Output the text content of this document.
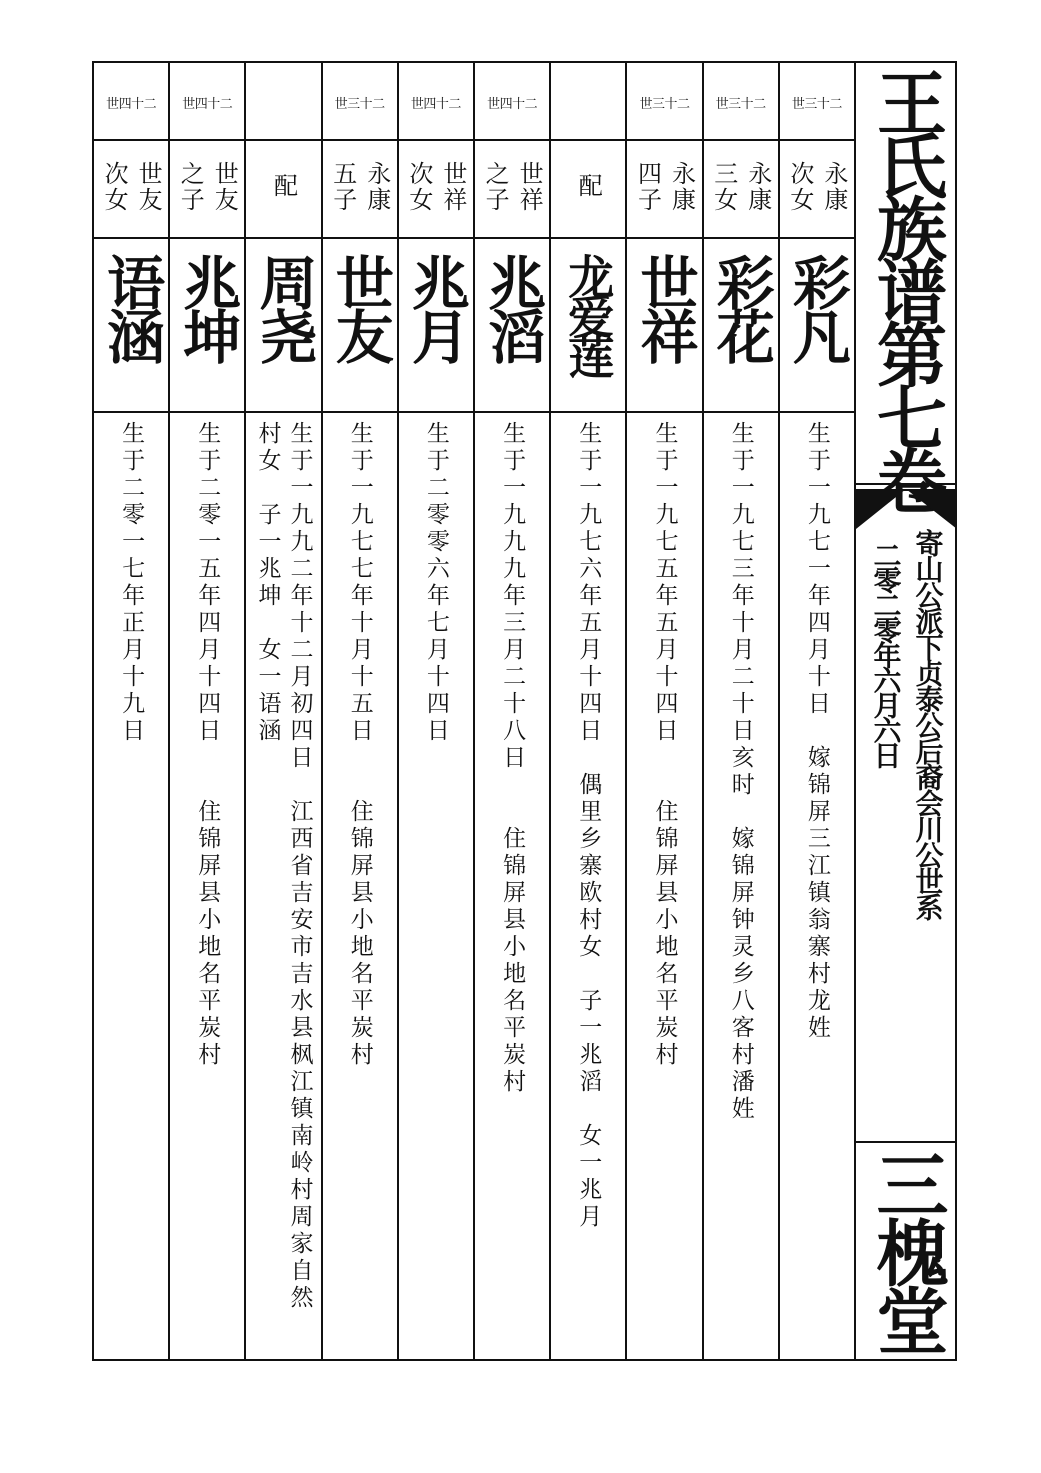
世三十二
永康
次女
彩凡
生于一九七一年四月十日　嫁锦屏三江镇翁寨村龙姓
世三十二
永康
三女
彩花
生于一九七三年十月二十日亥时　嫁锦屏钟灵乡八客村潘姓
世三十二
永康
四子
世祥
生于一九七五年五月十四日　　住锦屏县小地名平炭村
配
龙爱莲
生于一九七六年五月十四日　偶里乡寨欧村女　子一兆滔　女一兆月
世四十二
世祥
之子
兆滔
生于一九九九年三月二十八日　　住锦屏县小地名平炭村
世四十二
世祥
次女
兆月
生于二零零六年七月十四日
世三十二
永康
五子
世友
生于一九七七年十月十五日　　住锦屏县小地名平炭村
配
周尧
生于一九九二年十二月初四日　江西省吉安市吉水县枫江镇南岭村周家自然
村女　子一兆坤　女一语涵
世四十二
世友
之子
兆坤
生于二零一五年四月十四日　　住锦屏县小地名平炭村
世四十二
世友
次女
语涵
生于二零一七年正月十九日
王氏族谱第七卷
寄山公派下贞泰公后裔会川公世系
二零二零年六月六日
三槐堂
